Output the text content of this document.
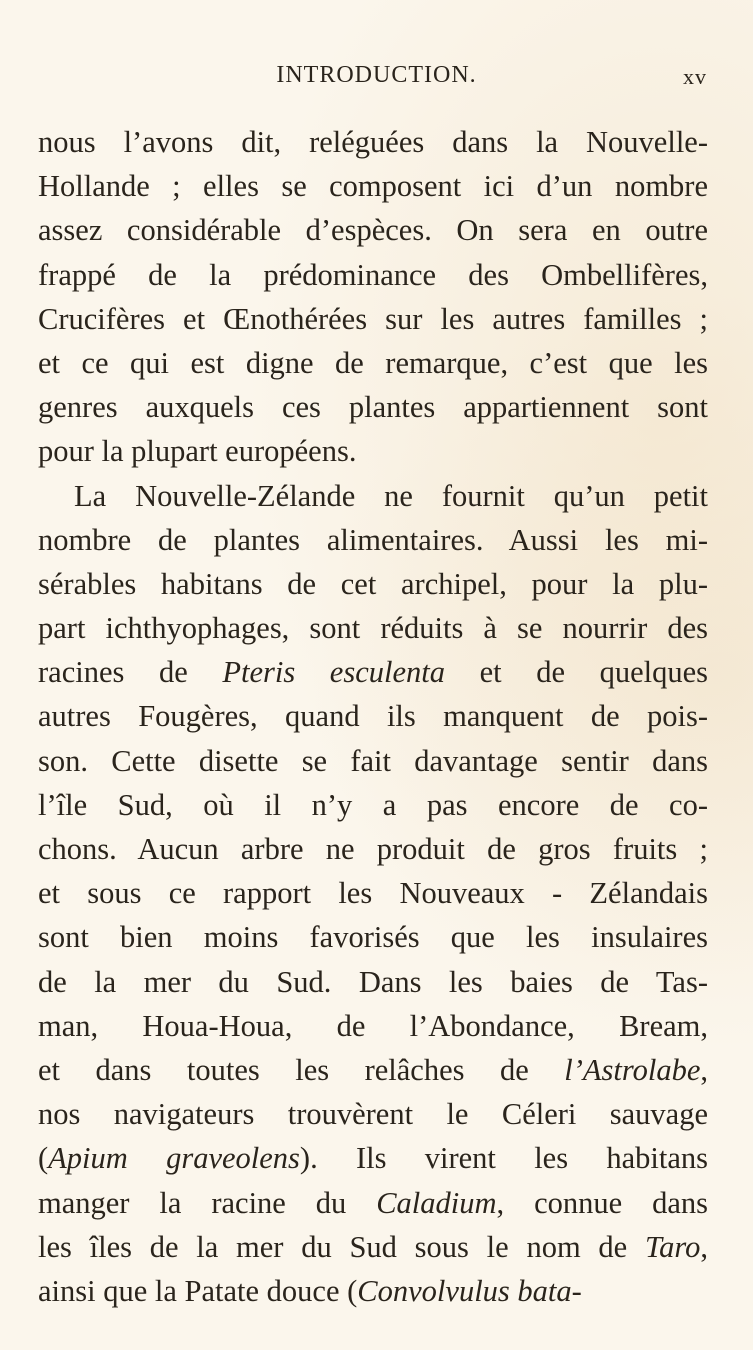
INTRODUCTION.	xv
nous l’avons dit, reléguées dans la Nouvelle-
Hollande ; elles se composent ici d’un nombre
assez considérable d’espèces. On sera en outre
frappé de la prédominance des Ombellifères,
Crucifères et Œnothérées sur les autres familles ;
et ce qui est digne de remarque, c’est que les
genres auxquels ces plantes appartiennent sont
pour la plupart européens.
La Nouvelle-Zélande ne fournit qu’un petit
nombre de plantes alimentaires. Aussi les mi-
sérables habitans de cet archipel, pour la plu-
part ichthyophages, sont réduits à se nourrir des
racines de Pteris esculenta et de quelques
autres Fougères, quand ils manquent de pois-
son. Cette disette se fait davantage sentir dans
l’île Sud, où il n’y a pas encore de co-
chons. Aucun arbre ne produit de gros fruits ;
et sous ce rapport les Nouveaux - Zélandais
sont bien moins favorisés que les insulaires
de la mer du Sud. Dans les baies de Tas-
man, Houa-Houa, de l’Abondance, Bream,
et dans toutes les relâches de l’Astrolabe,
nos navigateurs trouvèrent le Céleri sauvage
(Apium graveolens). Ils virent les habitans
manger la racine du Caladium, connue dans
les îles de la mer du Sud sous le nom de Taro,
ainsi que la Patate douce (Convolvulus bata-
